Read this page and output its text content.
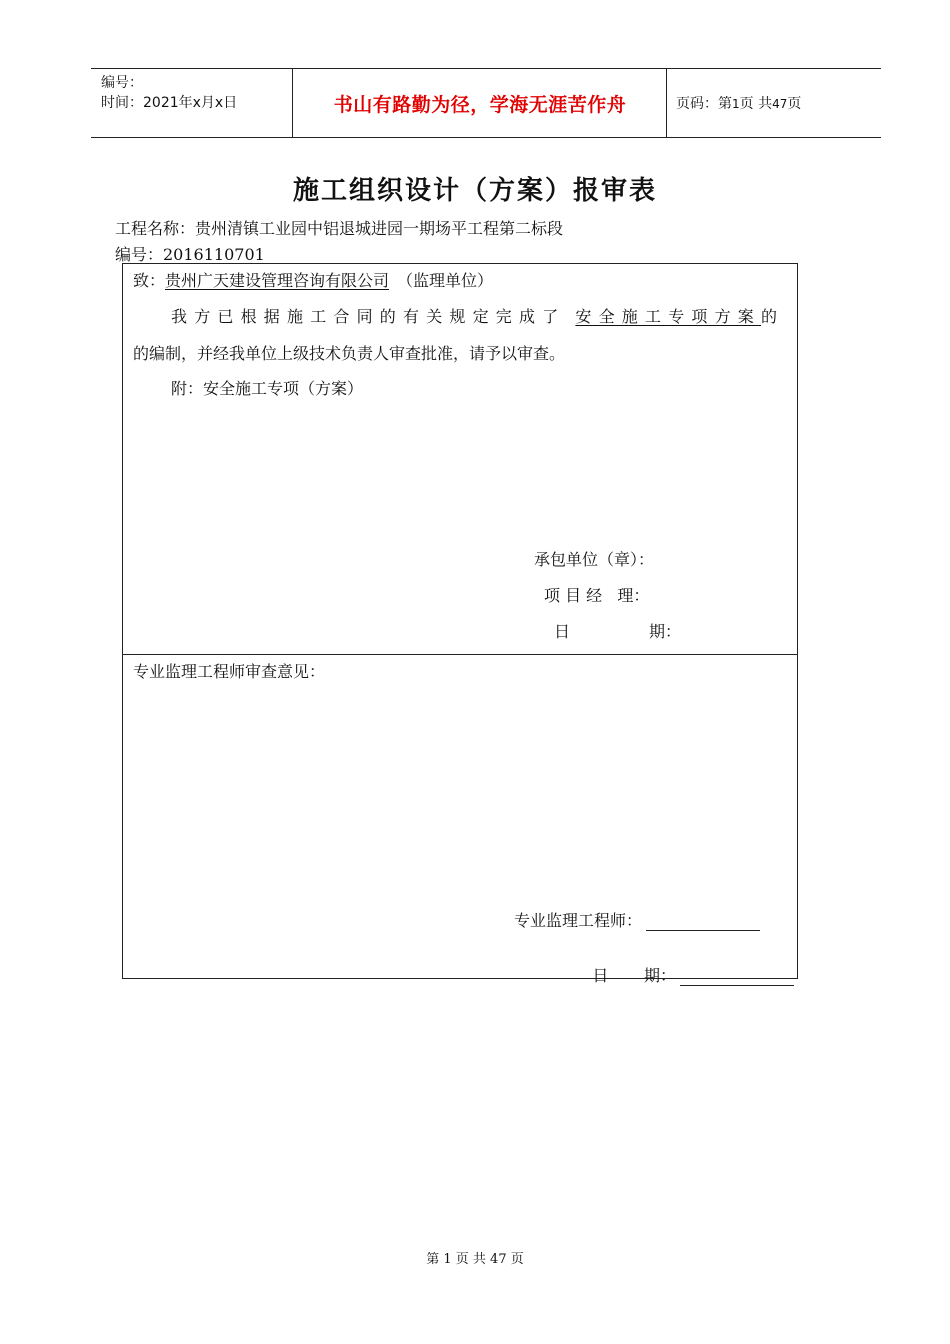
编号：
时间：2021年x月x日	书山有路勤为径，学海无涯苦作舟	页码：第1页 共47页
施工组织设计（方案）报审表
工程名称：贵州清镇工业园中铝退城进园一期场平工程第二标段
编号：2016110701
致：贵州广天建设管理咨询有限公司 （监理单位）
我方已根据施工合同的有关规定完成了 安全施工专项方案的
的编制，并经我单位上级技术负责人审查批准，请予以审查。
附：安全施工专项（方案）
承包单位（章）：
项 目 经   理：
日	期：
专业监理工程师审查意见：
专业监理工程师：

日       期：

第 1 页 共 47 页
